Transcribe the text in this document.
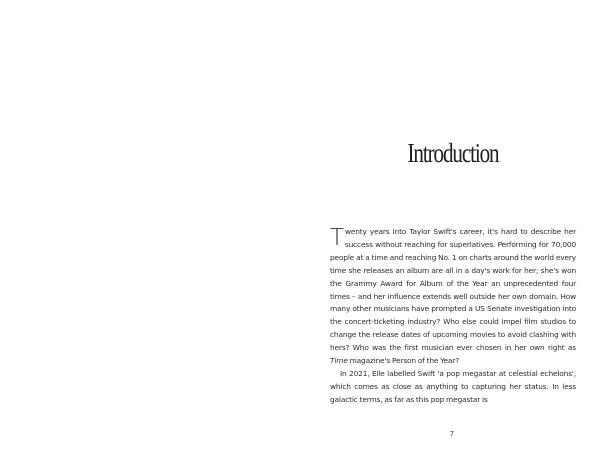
Introduction

Twenty years into Taylor Swift's career, it's hard to describe her success without reaching for superlatives. Performing for 70,000 people at a time and reaching No. 1 on charts around the world every time she releases an album are all in a day's work for her; she's won the Grammy Award for Album of the Year an unprecedented four times – and her influence extends well outside her own domain. How many other musicians have prompted a US Senate investigation into the concert-ticketing industry? Who else could impel film studios to change the release dates of upcoming movies to avoid clashing with hers? Who was the first musician ever chosen in her own right as Time magazine's Person of the Year?

In 2021, Elle labelled Swift 'a pop megastar at celestial echelons', which comes as close as anything to capturing her status. In less galactic terms, as far as this pop megastar is

7
